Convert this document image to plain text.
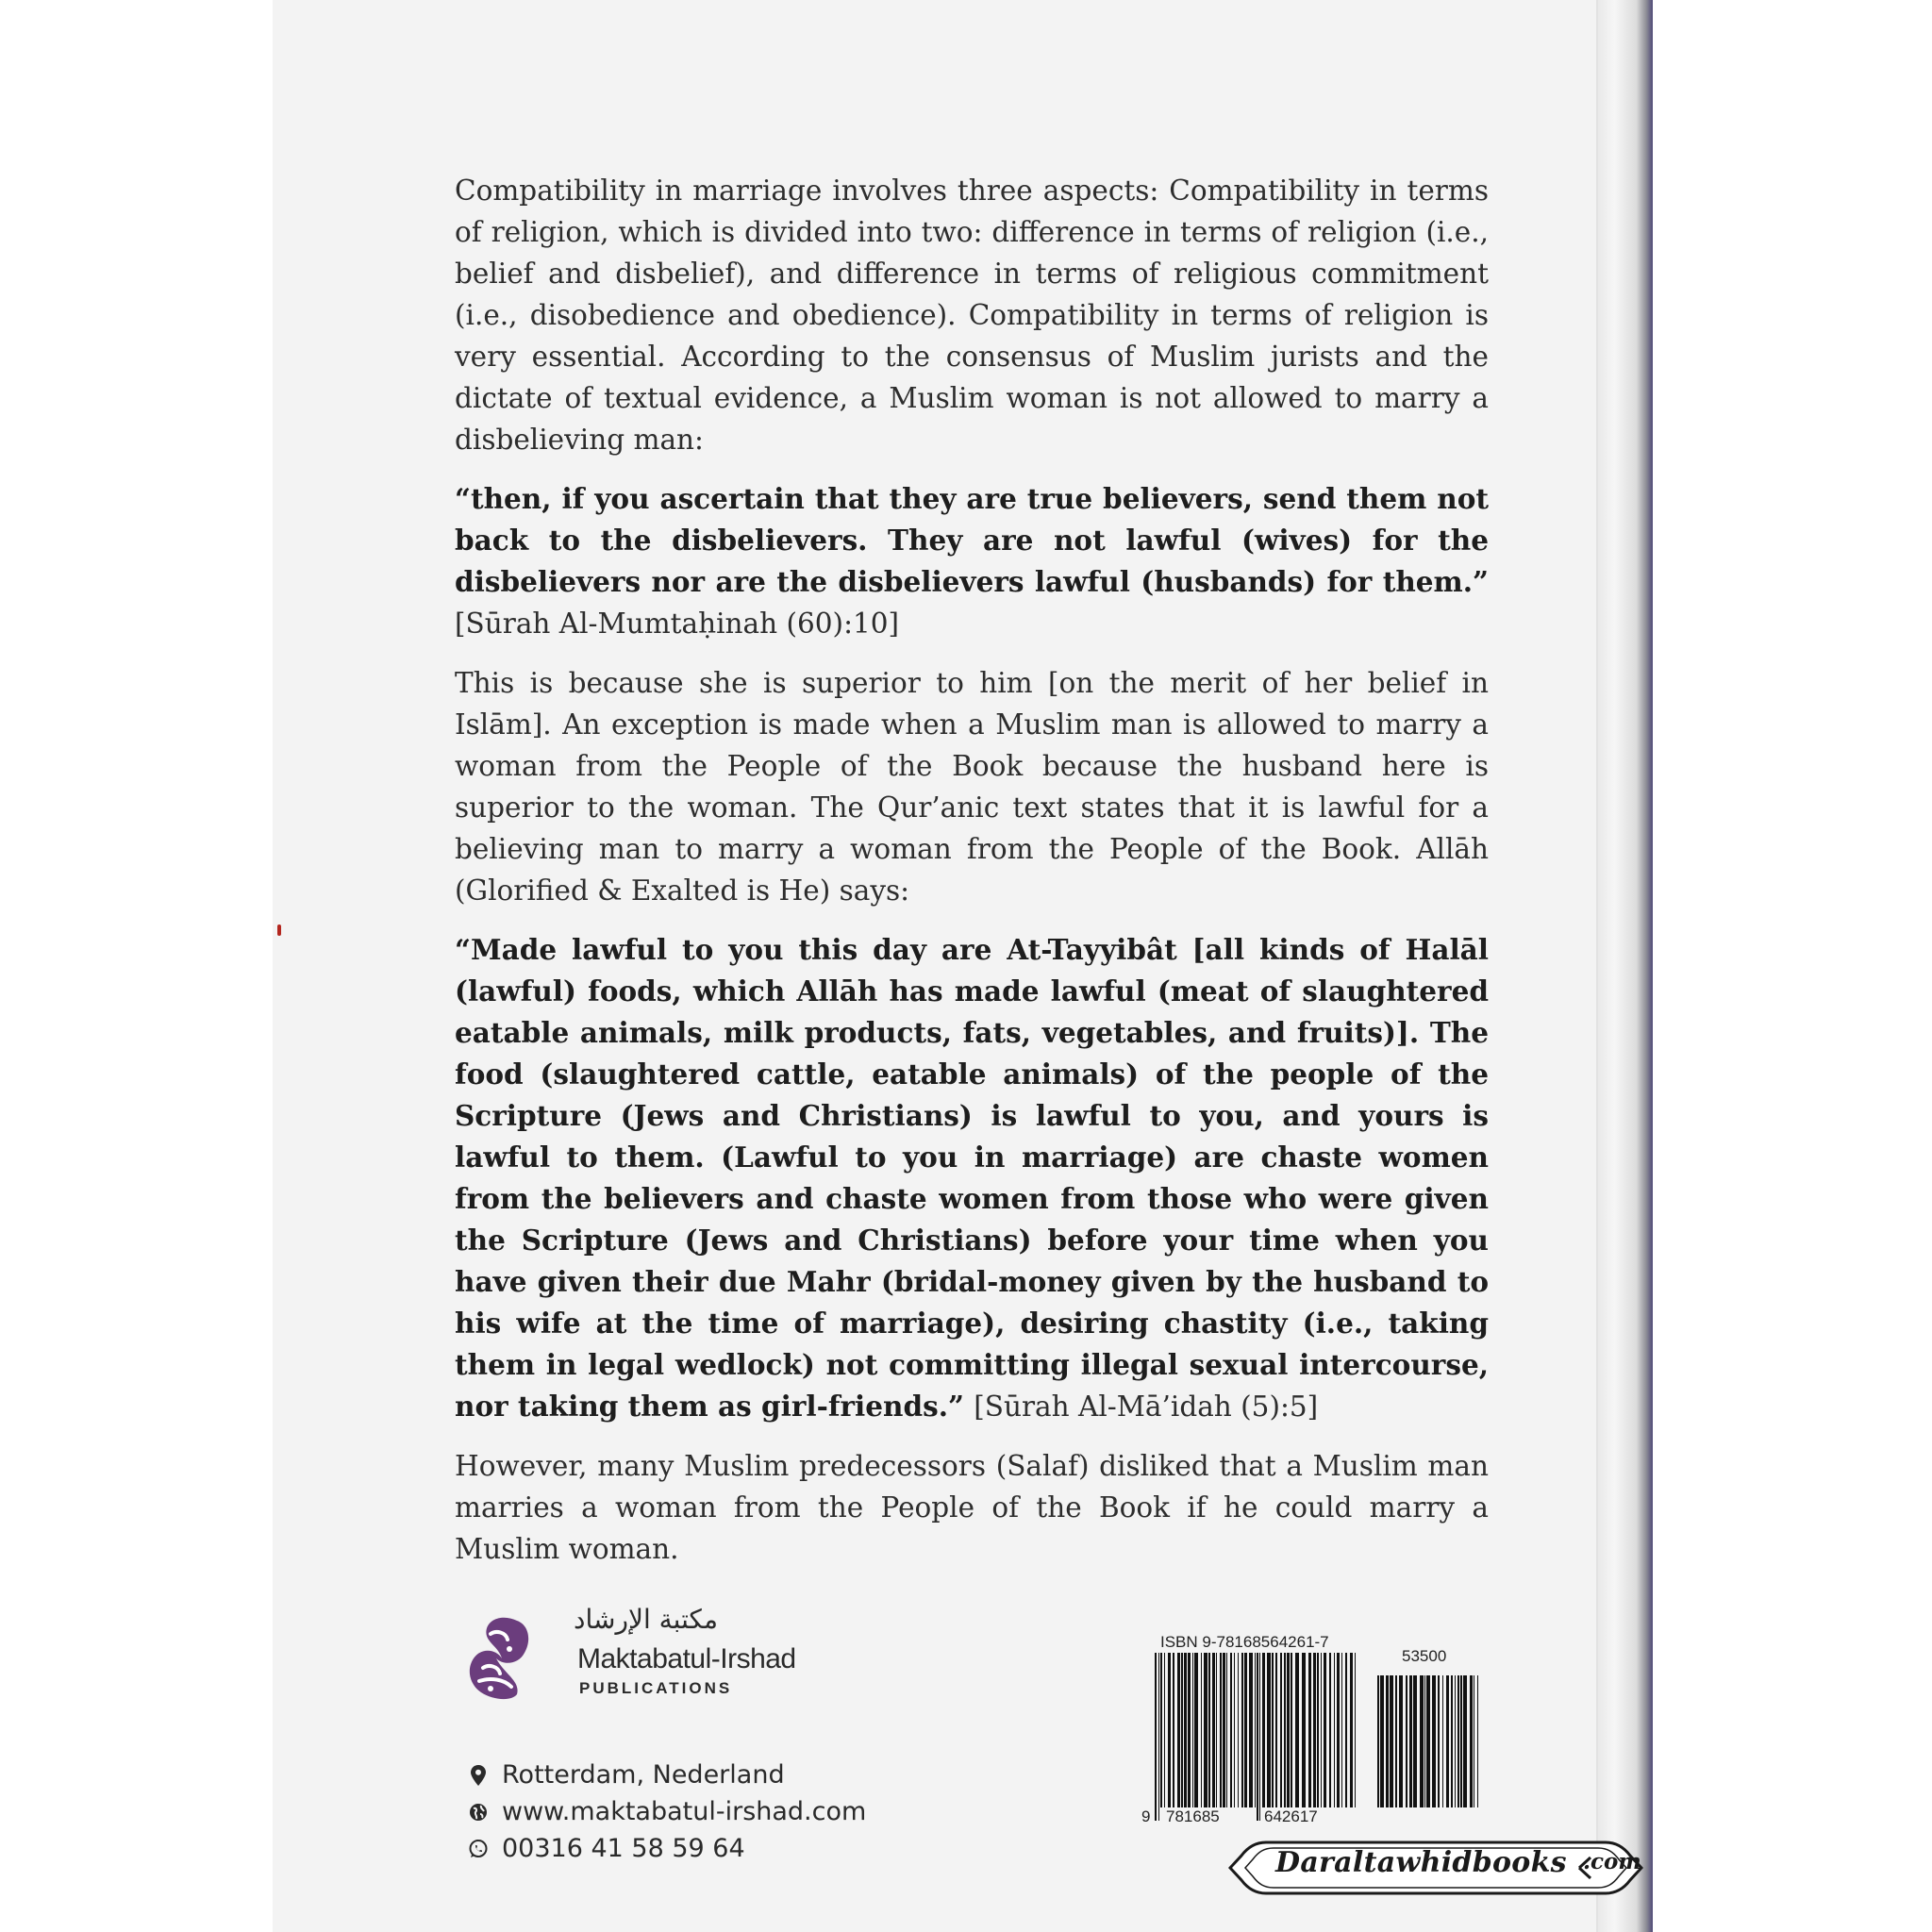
Compatibility in marriage involves three aspects: Compatibility in terms of religion, which is divided into two: difference in terms of religion (i.e., belief and disbelief), and difference in terms of religious commitment (i.e., disobedience and obedience). Compatibility in terms of religion is very essential. According to the consensus of Muslim jurists and the dictate of textual evidence, a Muslim woman is not allowed to marry a disbelieving man:

“then, if you ascertain that they are true believers, send them not back to the disbelievers. They are not lawful (wives) for the disbelievers nor are the disbelievers lawful (husbands) for them.” [Sūrah Al-Mumtaḥinah (60):10]

This is because she is superior to him [on the merit of her belief in Islām]. An exception is made when a Muslim man is allowed to marry a woman from the People of the Book because the husband here is superior to the woman. The Qur’anic text states that it is lawful for a believing man to marry a woman from the People of the Book. Allāh (Glorified & Exalted is He) says:

“Made lawful to you this day are At-Tayyibât [all kinds of Halāl (lawful) foods, which Allāh has made lawful (meat of slaughtered eatable animals, milk products, fats, vegetables, and fruits)]. The food (slaughtered cattle, eatable animals) of the people of the Scripture (Jews and Christians) is lawful to you, and yours is lawful to them. (Lawful to you in marriage) are chaste women from the believers and chaste women from those who were given the Scripture (Jews and Christians) before your time when you have given their due Mahr (bridal-money given by the husband to his wife at the time of marriage), desiring chastity (i.e., taking them in legal wedlock) not committing illegal sexual intercourse, nor taking them as girl-friends.” [Sūrah Al-Mā’idah (5):5]

However, many Muslim predecessors (Salaf) disliked that a Muslim man marries a woman from the People of the Book if he could marry a Muslim woman.

مكتبة الإرشاد
Maktabatul-Irshad
PUBLICATIONS
Rotterdam, Nederland
www.maktabatul-irshad.com
00316 41 58 59 64
ISBN 9-78168564261-7
53500
9 781685	642617
Daraltawhidbooks .com
